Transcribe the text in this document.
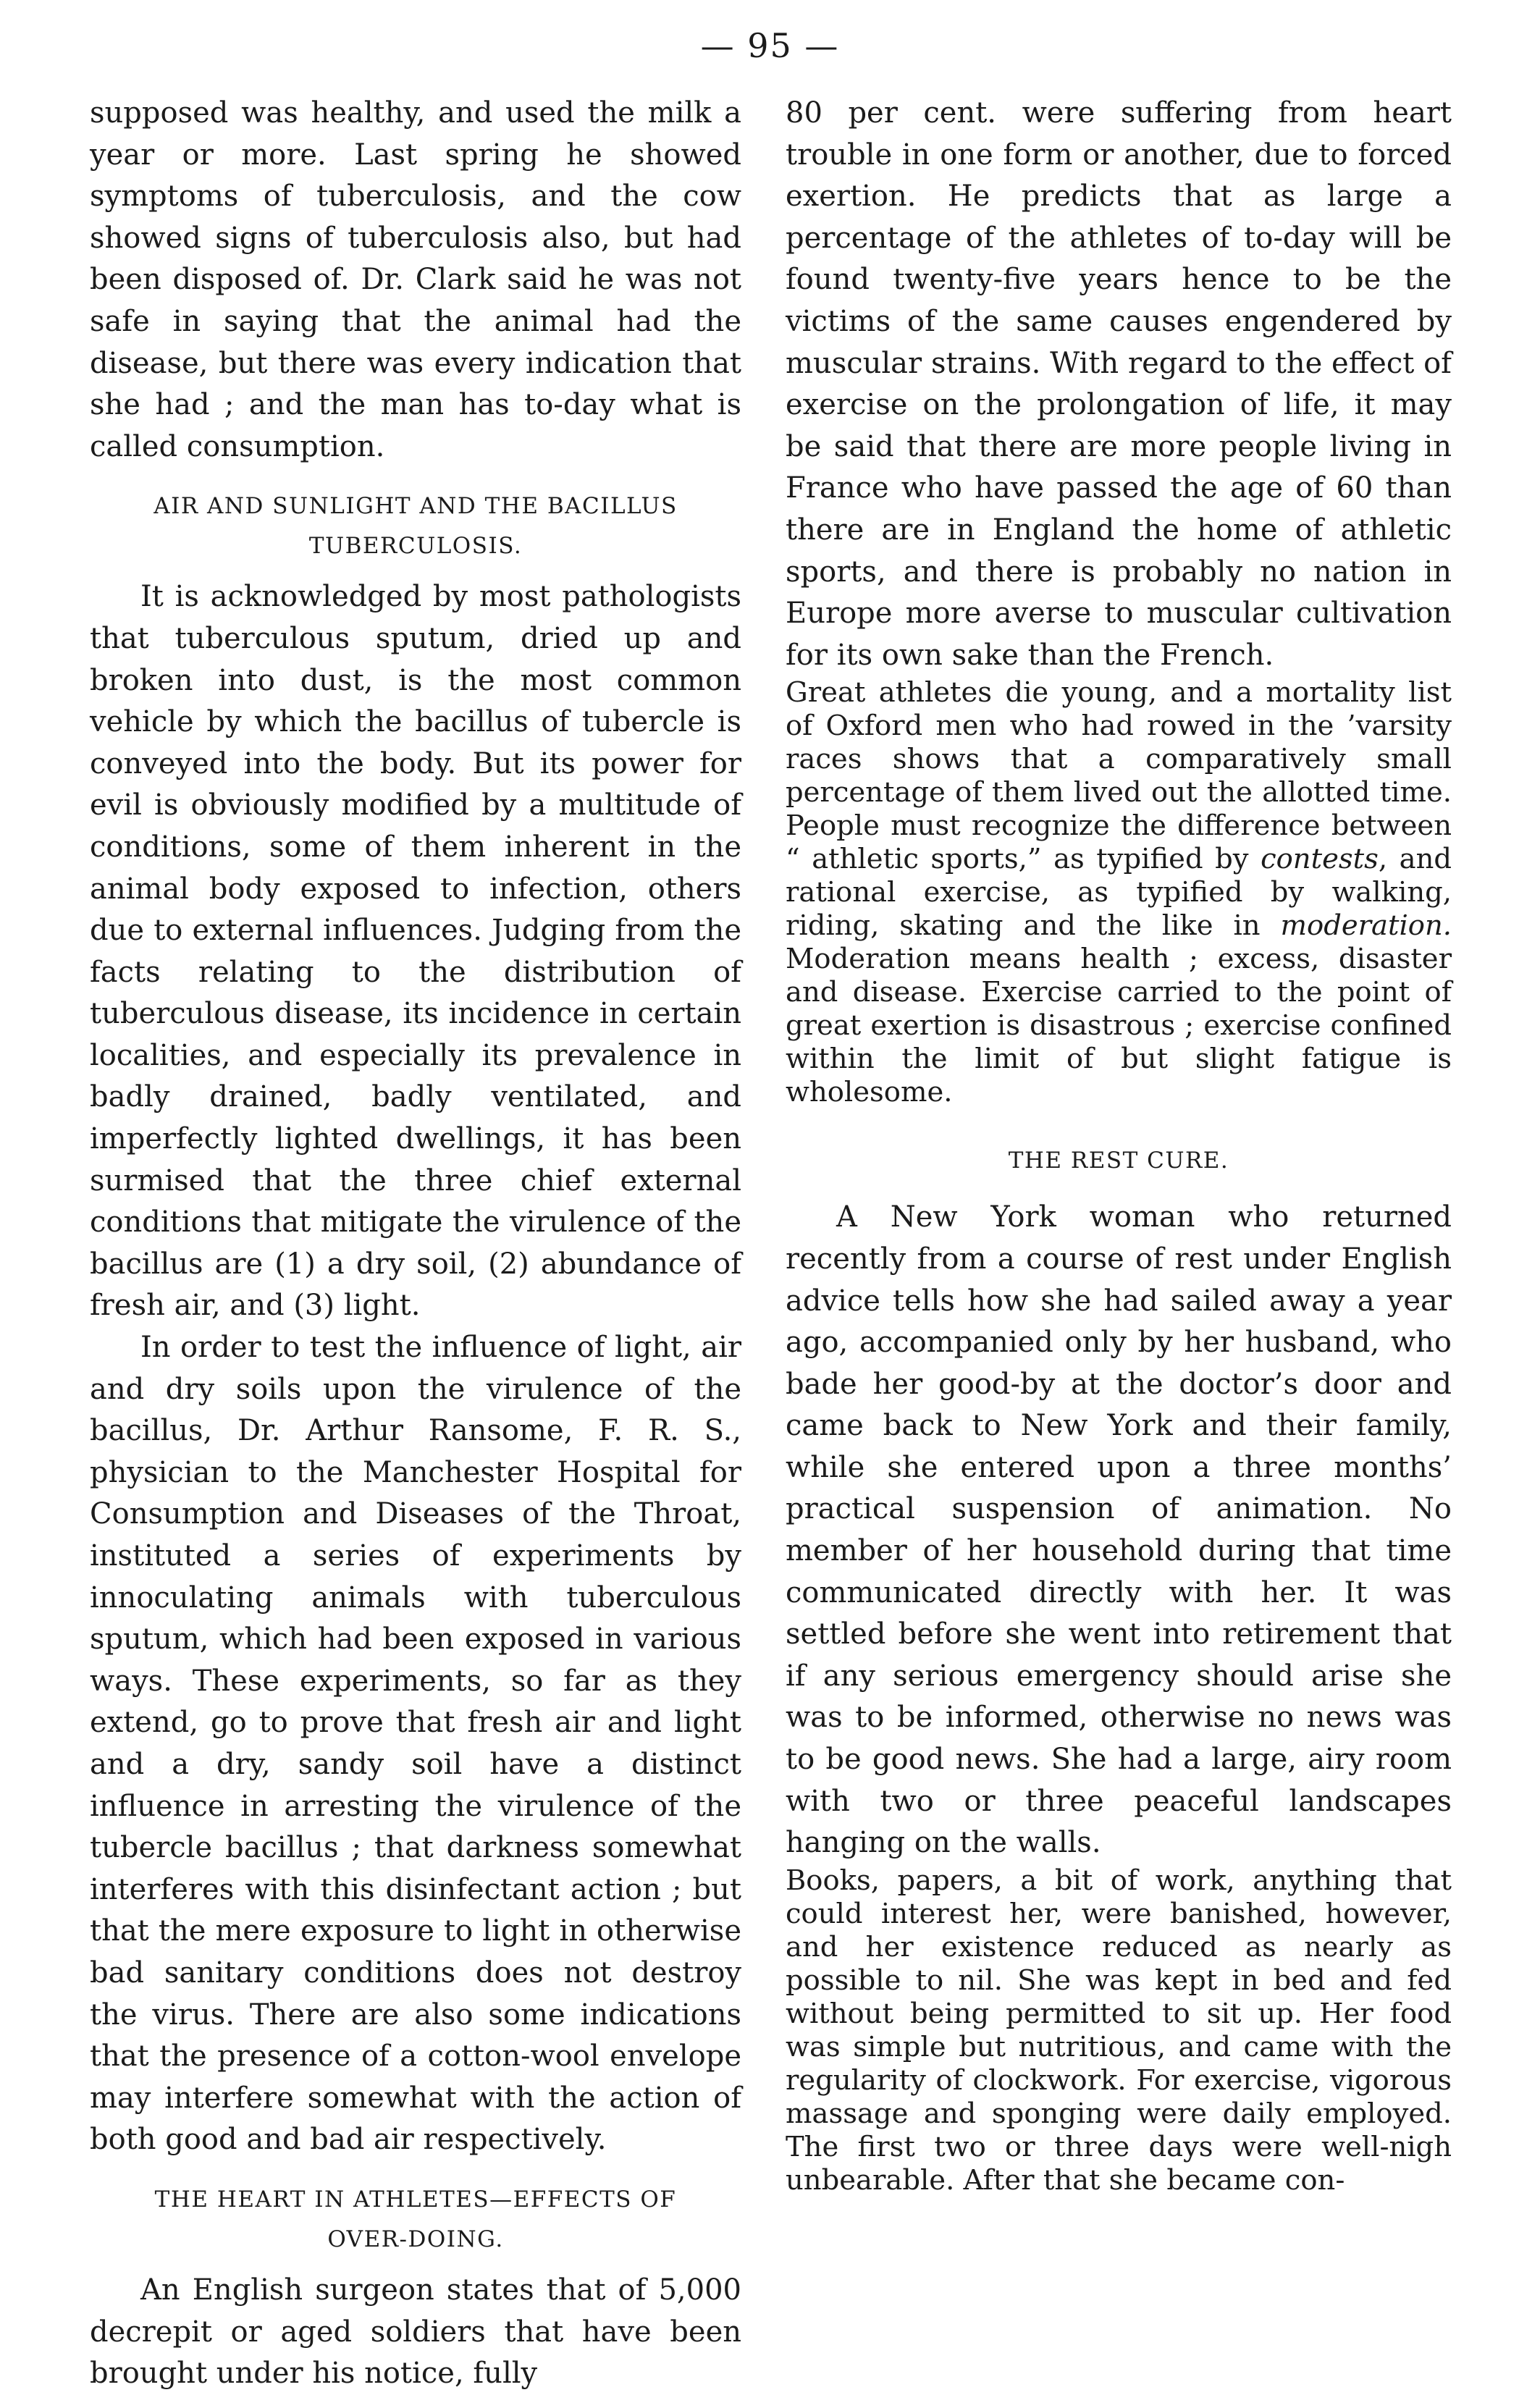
— 95 —

supposed was healthy, and used the milk a year or more. Last spring he showed symptoms of tuberculosis, and the cow showed signs of tuberculosis also, but had been disposed of. Dr. Clark said he was not safe in saying that the animal had the disease, but there was every indication that she had ; and the man has to-day what is called consumption.

AIR AND SUNLIGHT AND THE BACILLUS
TUBERCULOSIS.

It is acknowledged by most pathologists that tuberculous sputum, dried up and broken into dust, is the most common vehicle by which the bacillus of tubercle is conveyed into the body. But its power for evil is obviously modified by a multitude of conditions, some of them inherent in the animal body exposed to infection, others due to external influences. Judging from the facts relating to the distribution of tuberculous disease, its incidence in certain localities, and especially its prevalence in badly drained, badly ventilated, and imperfectly lighted dwellings, it has been surmised that the three chief external conditions that mitigate the virulence of the bacillus are (1) a dry soil, (2) abundance of fresh air, and (3) light.

In order to test the influence of light, air and dry soils upon the virulence of the bacillus, Dr. Arthur Ransome, F. R. S., physician to the Manchester Hospital for Consumption and Diseases of the Throat, instituted a series of experiments by innoculating animals with tuberculous sputum, which had been exposed in various ways. These experiments, so far as they extend, go to prove that fresh air and light and a dry, sandy soil have a distinct influence in arresting the virulence of the tubercle bacillus ; that darkness somewhat interferes with this disinfectant action ; but that the mere exposure to light in otherwise bad sanitary conditions does not destroy the virus. There are also some indications that the presence of a cotton-wool envelope may interfere somewhat with the action of both good and bad air respectively.

THE HEART IN ATHLETES—EFFECTS OF
OVER-DOING.

An English surgeon states that of 5,000 decrepit or aged soldiers that have been brought under his notice, fully

80 per cent. were suffering from heart trouble in one form or another, due to forced exertion. He predicts that as large a percentage of the athletes of to-day will be found twenty-five years hence to be the victims of the same causes engendered by muscular strains. With regard to the effect of exercise on the prolongation of life, it may be said that there are more people living in France who have passed the age of 60 than there are in England the home of athletic sports, and there is probably no nation in Europe more averse to muscular cultivation for its own sake than the French.

Great athletes die young, and a mortality list of Oxford men who had rowed in the ’varsity races shows that a comparatively small percentage of them lived out the allotted time. People must recognize the difference between “ athletic sports,” as typified by contests, and rational exercise, as typified by walking, riding, skating and the like in moderation. Moderation means health ; excess, disaster and disease. Exercise carried to the point of great exertion is disastrous ; exercise confined within the limit of but slight fatigue is wholesome.

THE REST CURE.

A New York woman who returned recently from a course of rest under English advice tells how she had sailed away a year ago, accompanied only by her husband, who bade her good-by at the doctor’s door and came back to New York and their family, while she entered upon a three months’ practical suspension of animation. No member of her household during that time communicated directly with her. It was settled before she went into retirement that if any serious emergency should arise she was to be informed, otherwise no news was to be good news. She had a large, airy room with two or three peaceful landscapes hanging on the walls.

Books, papers, a bit of work, anything that could interest her, were banished, however, and her existence reduced as nearly as possible to nil. She was kept in bed and fed without being permitted to sit up. Her food was simple but nutritious, and came with the regularity of clockwork. For exercise, vigorous massage and sponging were daily employed. The first two or three days were well-nigh unbearable. After that she became con-
